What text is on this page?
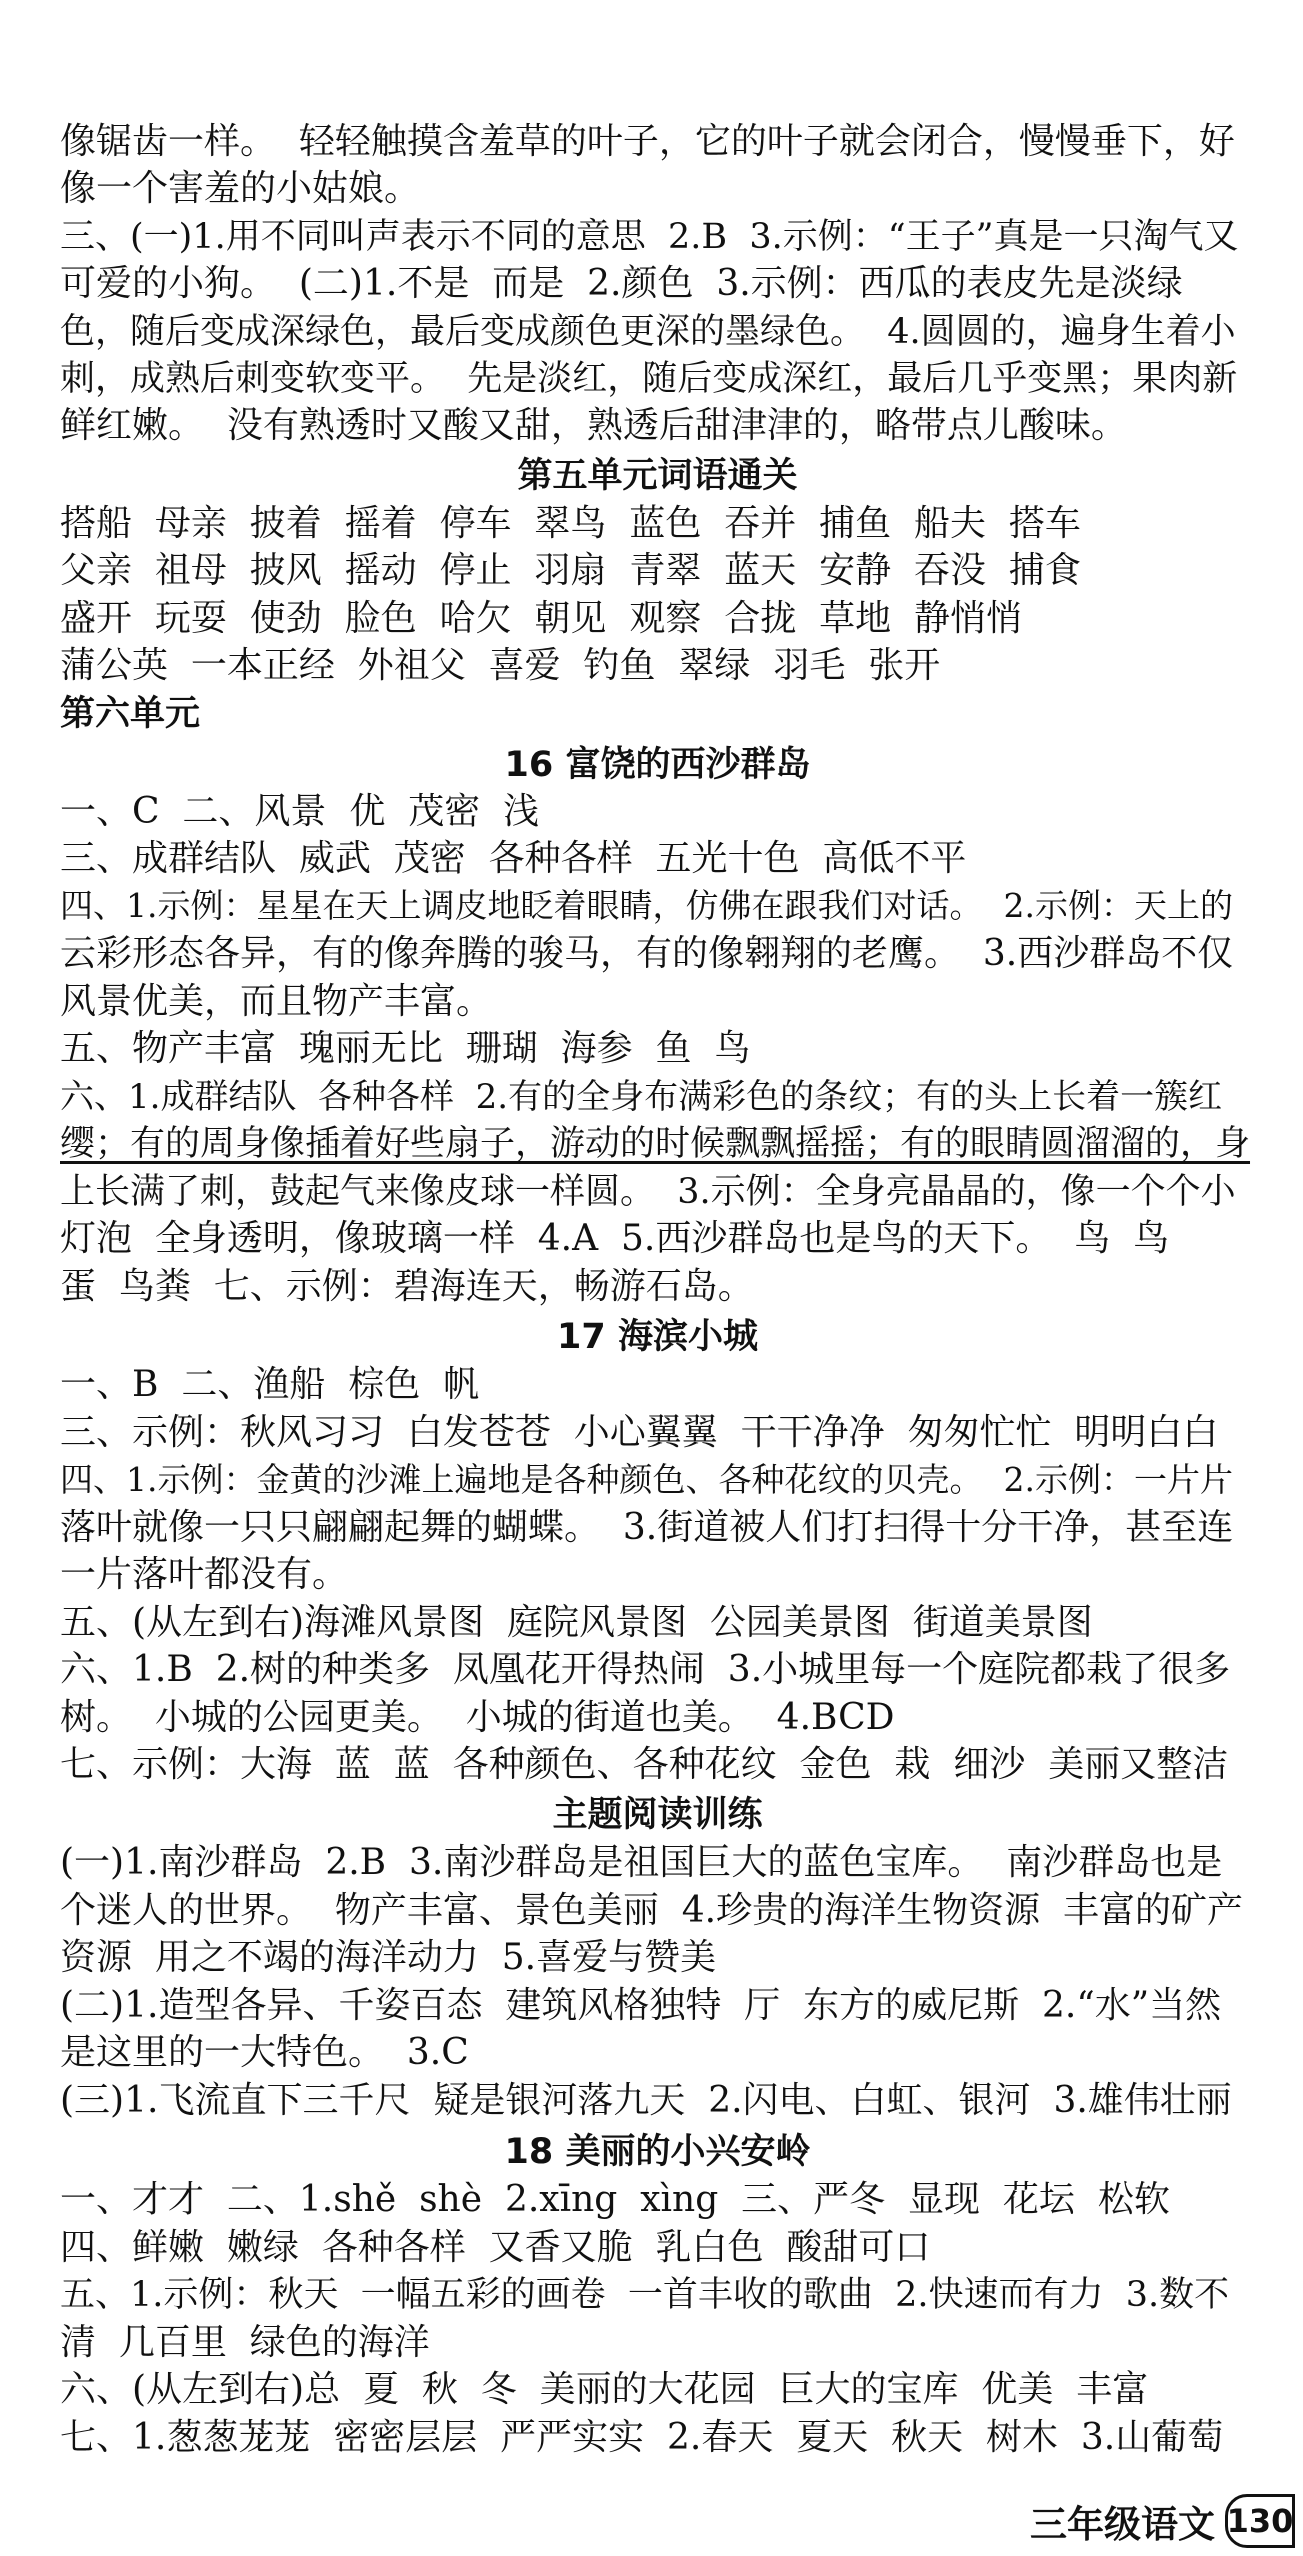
像锯齿一样。  轻轻触摸含羞草的叶子，它的叶子就会闭合，慢慢垂下，好
像一个害羞的小姑娘。
三、(一)1.用不同叫声表示不同的意思  2.B  3.示例：“王子”真是一只淘气又
可爱的小狗。  (二)1.不是  而是  2.颜色  3.示例：西瓜的表皮先是淡绿
色，随后变成深绿色，最后变成颜色更深的墨绿色。  4.圆圆的，遍身生着小
刺，成熟后刺变软变平。  先是淡红，随后变成深红，最后几乎变黑；果肉新
鲜红嫩。  没有熟透时又酸又甜，熟透后甜津津的，略带点儿酸味。
第五单元词语通关
搭船  母亲  披着  摇着  停车  翠鸟  蓝色  吞并  捕鱼  船夫  搭车
父亲  祖母  披风  摇动  停止  羽扇  青翠  蓝天  安静  吞没  捕食
盛开  玩耍  使劲  脸色  哈欠  朝见  观察  合拢  草地  静悄悄
蒲公英  一本正经  外祖父  喜爱  钓鱼  翠绿  羽毛  张开
第六单元
16 富饶的西沙群岛
一、C  二、风景  优  茂密  浅
三、成群结队  威武  茂密  各种各样  五光十色  高低不平
四、1.示例：星星在天上调皮地眨着眼睛，仿佛在跟我们对话。  2.示例：天上的
云彩形态各异，有的像奔腾的骏马，有的像翱翔的老鹰。  3.西沙群岛不仅
风景优美，而且物产丰富。
五、物产丰富  瑰丽无比  珊瑚  海参  鱼  鸟
六、1.成群结队  各种各样  2.有的全身布满彩色的条纹；有的头上长着一簇红
缨；有的周身像插着好些扇子，游动的时候飘飘摇摇；有的眼睛圆溜溜的，身
上长满了刺，鼓起气来像皮球一样圆。  3.示例：全身亮晶晶的，像一个个小
灯泡  全身透明，像玻璃一样  4.A  5.西沙群岛也是鸟的天下。  鸟  鸟
蛋  鸟粪  七、示例：碧海连天，畅游石岛。
17 海滨小城
一、B  二、渔船  棕色  帆
三、示例：秋风习习  白发苍苍  小心翼翼  干干净净  匆匆忙忙  明明白白
四、1.示例：金黄的沙滩上遍地是各种颜色、各种花纹的贝壳。  2.示例：一片片
落叶就像一只只翩翩起舞的蝴蝶。  3.街道被人们打扫得十分干净，甚至连
一片落叶都没有。
五、(从左到右)海滩风景图  庭院风景图  公园美景图  街道美景图
六、1.B  2.树的种类多  凤凰花开得热闹  3.小城里每一个庭院都栽了很多
树。  小城的公园更美。  小城的街道也美。  4.BCD
七、示例：大海  蓝  蓝  各种颜色、各种花纹  金色  栽  细沙  美丽又整洁
主题阅读训练
(一)1.南沙群岛  2.B  3.南沙群岛是祖国巨大的蓝色宝库。  南沙群岛也是
个迷人的世界。  物产丰富、景色美丽  4.珍贵的海洋生物资源  丰富的矿产
资源  用之不竭的海洋动力  5.喜爱与赞美
(二)1.造型各异、千姿百态  建筑风格独特  厅  东方的威尼斯  2.“水”当然
是这里的一大特色。  3.C
(三)1.飞流直下三千尺  疑是银河落九天  2.闪电、白虹、银河  3.雄伟壮丽
18 美丽的小兴安岭
一、才才  二、1.shě  shè  2.xīng  xìng  三、严冬  显现  花坛  松软
四、鲜嫩  嫩绿  各种各样  又香又脆  乳白色  酸甜可口
五、1.示例：秋天  一幅五彩的画卷  一首丰收的歌曲  2.快速而有力  3.数不
清  几百里  绿色的海洋
六、(从左到右)总  夏  秋  冬  美丽的大花园  巨大的宝库  优美  丰富
七、1.葱葱茏茏  密密层层  严严实实  2.春天  夏天  秋天  树木  3.山葡萄
三年级语文 130
